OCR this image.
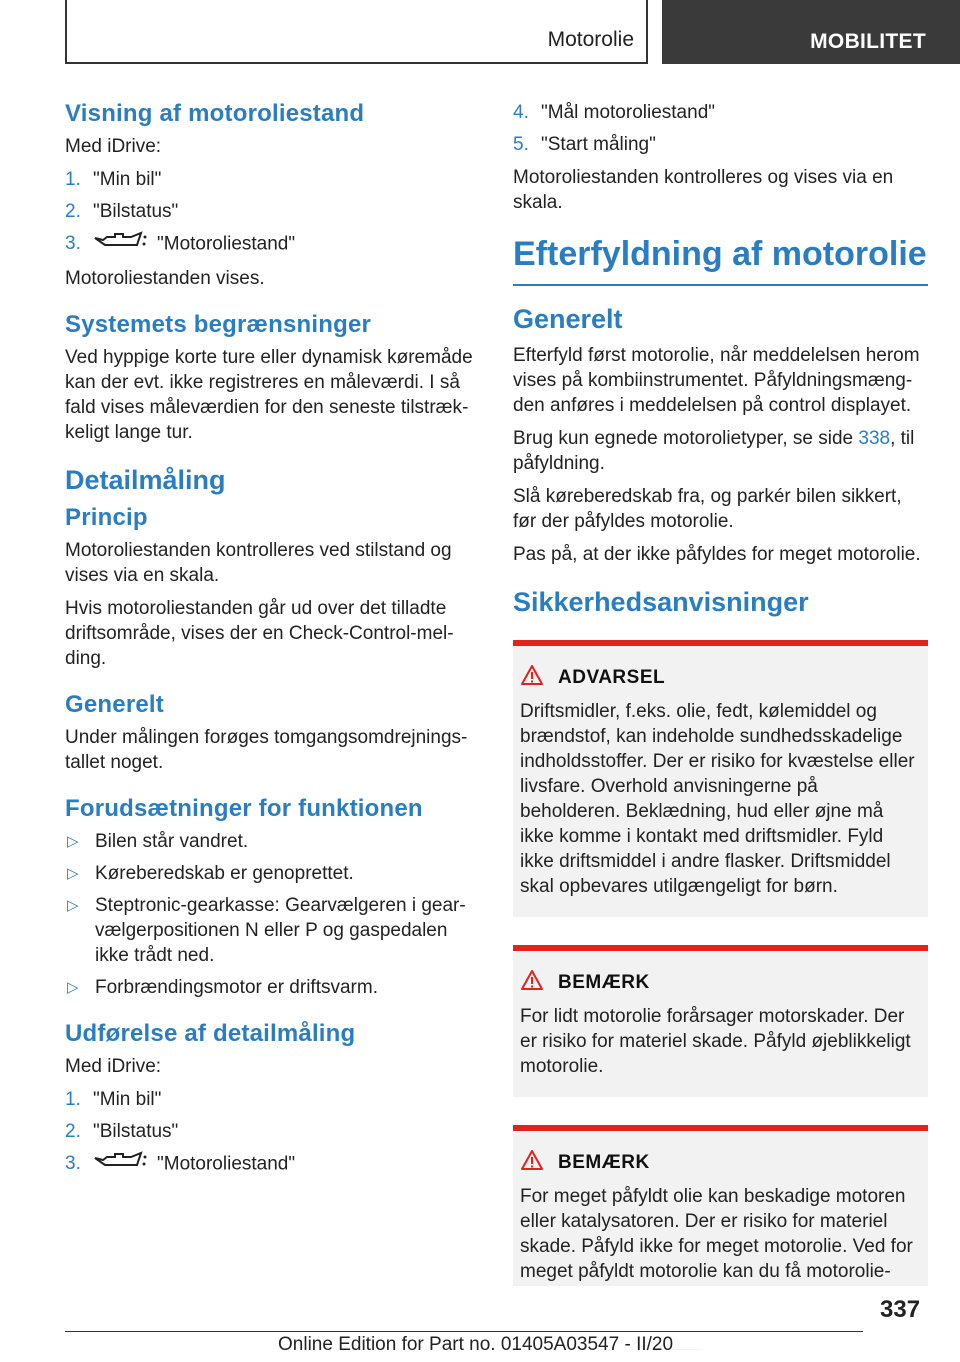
Motorolie	MOBILITET
Visning af motoroliestand

Med iDrive:

1. "Min bil"
2. "Bilstatus"
3.	"Motoroliestand"

Motoroliestanden vises.

Systemets begrænsninger

Ved hyppige korte ture eller dynamisk køremåde kan der evt. ikke registreres en måleværdi. I så fald vises måleværdien for den seneste tilstrækkeligt lange tur.

Detailmåling
Princip

Motoroliestanden kontrolleres ved stilstand og vises via en skala.

Hvis motoroliestanden går ud over det tilladte driftsområde, vises der en Check-Control-melding.

Generelt

Under målingen forøges tomgangsomdrejningstallet noget.

Forudsætninger for funktionen
▷ Bilen står vandret.
▷ Køreberedskab er genoprettet.
▷ Steptronic-gearkasse: Gearvælgeren i gearvælgerpositionen N eller P og gaspedalen ikke trådt ned.
▷ Forbrændingsmotor er driftsvarm.
Udførelse af detailmåling

Med iDrive:

1. "Min bil"
2. "Bilstatus"
3.	"Motoroliestand"
4. "Mål motoroliestand"
5. "Start måling"

Motoroliestanden kontrolleres og vises via en skala.

Efterfyldning af motorolie
Generelt

Efterfyld først motorolie, når meddelelsen herom vises på kombiinstrumentet. Påfyldningsmængden anføres i meddelelsen på control displayet.

Brug kun egnede motorolietyper, se side 338, til påfyldning.

Slå køreberedskab fra, og parkér bilen sikkert, før der påfyldes motorolie.

Pas på, at der ikke påfyldes for meget motorolie.

Sikkerhedsanvisninger
ADVARSEL

Driftsmidler, f.eks. olie, fedt, kølemiddel og brændstof, kan indeholde sundhedsskadelige indholdsstoffer. Der er risiko for kvæstelse eller livsfare. Overhold anvisningerne på beholderen. Beklædning, hud eller øjne må ikke komme i kontakt med driftsmidler. Fyld ikke driftsmiddel i andre flasker. Driftsmiddel skal opbevares utilgængeligt for børn.

BEMÆRK

For lidt motorolie forårsager motorskader. Der er risiko for materiel skade. Påfyld øjeblikkeligt motorolie.

BEMÆRK

For meget påfyldt olie kan beskadige motoren eller katalysatoren. Der er risiko for materiel skade. Påfyld ikke for meget motorolie. Ved for meget påfyldt motorolie kan du få motorolie-

337
Online Edition for Part no. 01405A03547 - II/20Downloaded from www.Manualslib.com manuals search engine
